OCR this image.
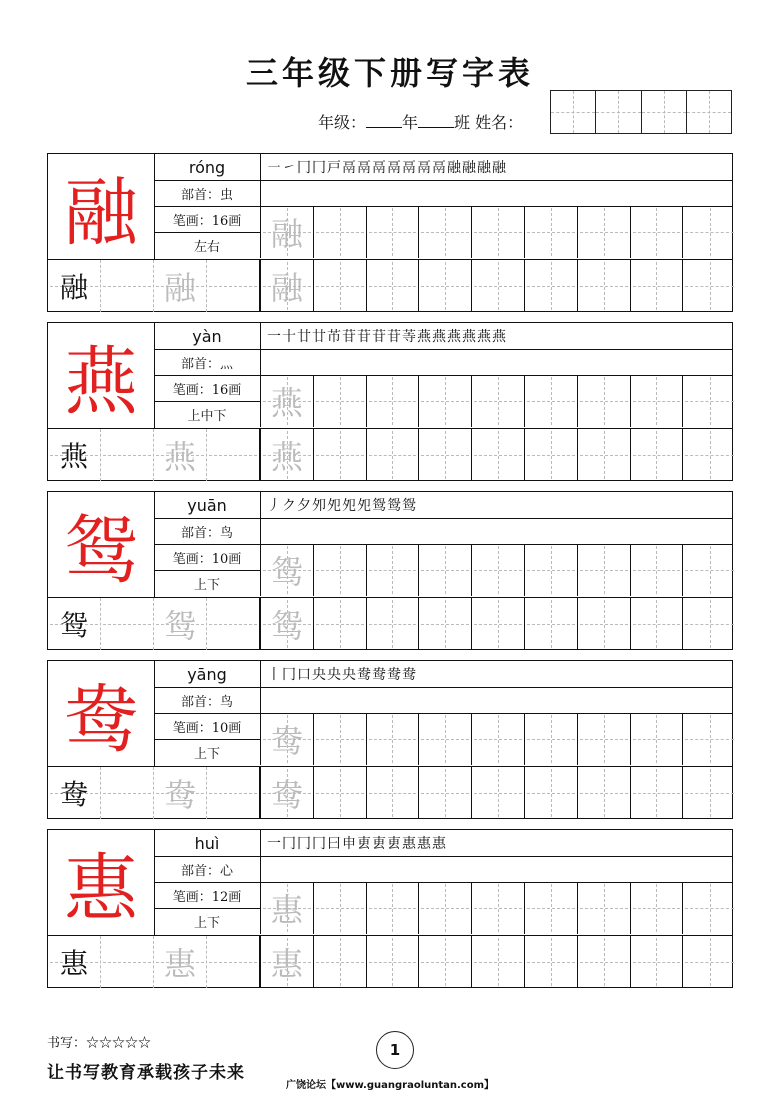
三年级下册写字表
年级： 年 班 姓名：
融
róng
部首：虫
笔画：16画
左右
㇐ ㇀ 冂 冂 戸 鬲 鬲 鬲 鬲 鬲 鬲 鬲 融 融 融 融
融
融 融 融
燕
yàn
部首：灬
笔画：16画
上中下
一 十 廿 廿 芇 苷 苷 苷 苷 䓁 燕 燕 燕 燕 燕 燕
燕
燕 燕 燕
鸳
yuān
部首：鸟
笔画：10画
上下
丿 ク 夕 夘 夗 夗 夗 鸳 鸳 鸳
鸳
鸳 鸳 鸳
鸯
yāng
部首：鸟
笔画：10画
上下
丨 冂 口 央 央 央 鸯 鸯 鸯 鸯
鸯
鸯 鸯 鸯
惠
huì
部首：心
笔画：12画
上下
一 冂 冂 冂 曰 申 叀 叀 叀 惠 惠 惠
惠
惠 惠 惠
书写：☆☆☆☆☆
让书写教育承载孩子未来
1
广饶论坛【www.guangraoluntan.com】
